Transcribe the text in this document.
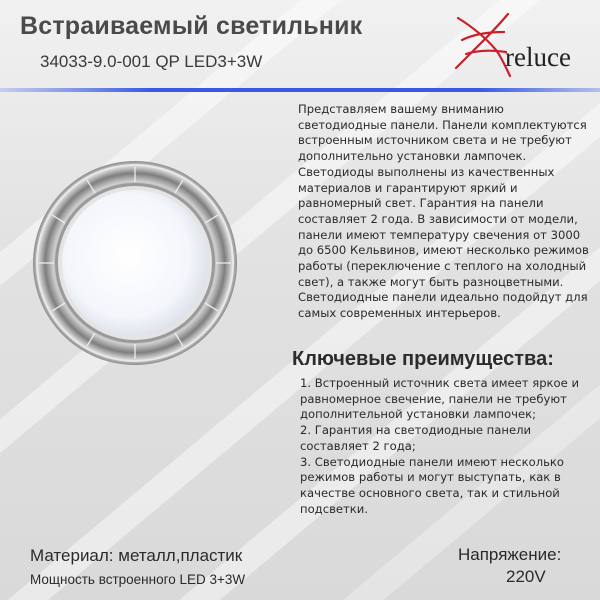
Встраиваемый светильник
34033-9.0-001 QP LED3+3W	reluce
Представляем вашему вниманию светодиодные панели. Панели комплектуются встроенным источником света и не требуют дополнительно установки лампочек. Светодиоды выполнены из качественных материалов и гарантируют яркий и равномерный свет. Гарантия на панели составляет 2 года. В зависимости от модели, панели имеют температуру свечения от 3000 до 6500 Кельвинов, имеют несколько режимов работы (переключение с теплого на холодный свет), а также могут быть разноцветными. Светодиодные панели идеально подойдут для самых современных интерьеров.
Ключевые преимущества:

1. Встроенный источник света имеет яркое и равномерное свечение, панели не требуют дополнительной установки лампочек;

2. Гарантия на светодиодные панели составляет 2 года;

3. Светодиодные панели имеют несколько режимов работы и могут выступать, как в качестве основного света, так и стильной подсветки.

Материал: металл,пластик
Мощность встроенного LED 3+3W
Напряжение:
220V
